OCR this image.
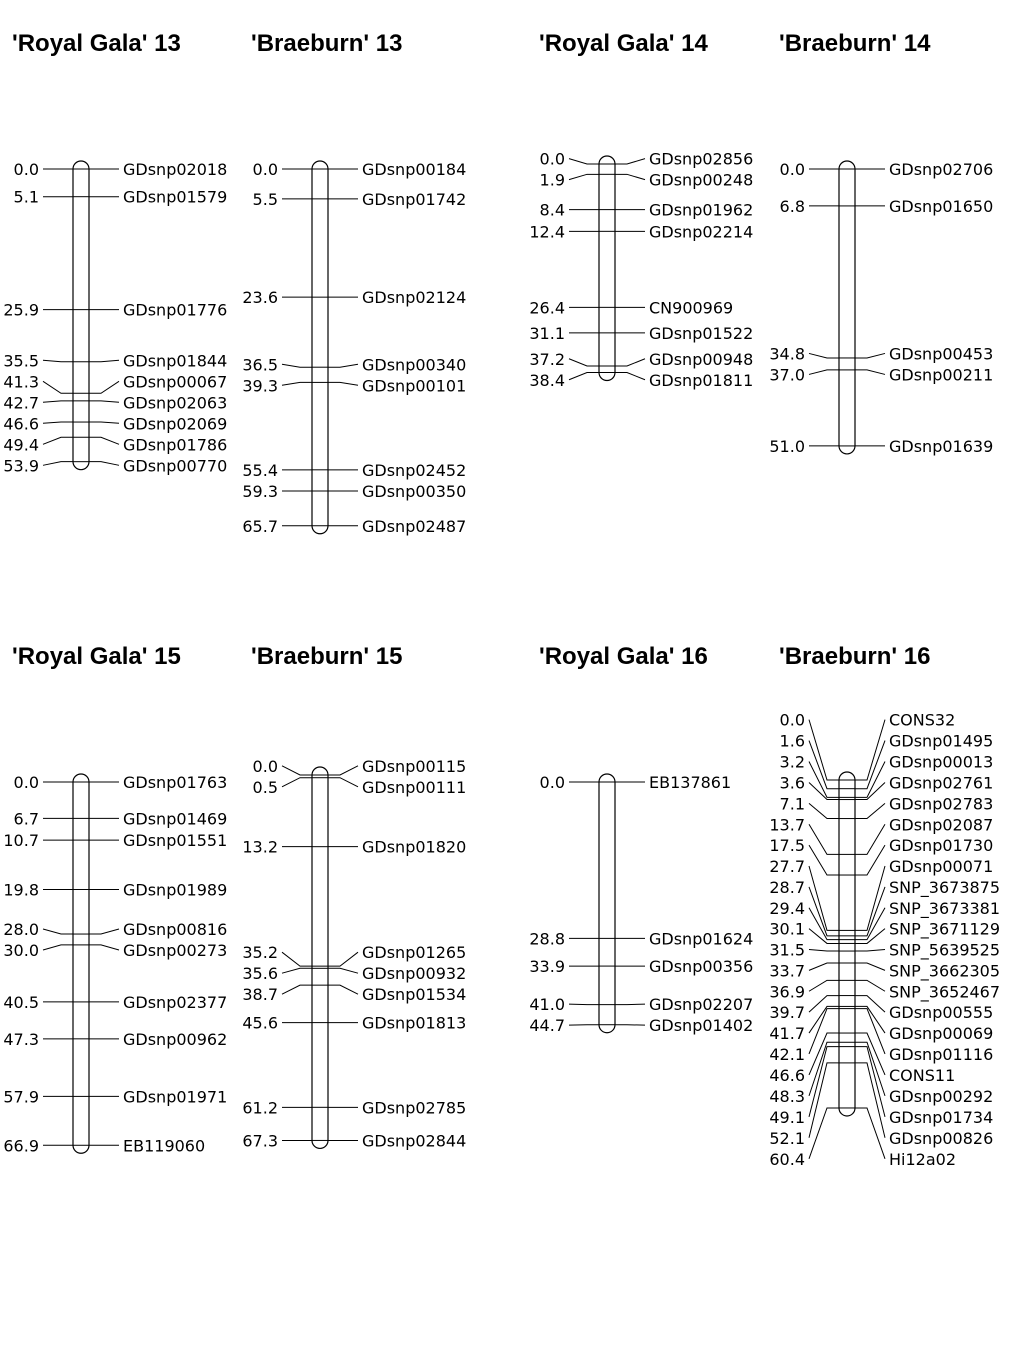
'Royal Gala' 13
0.0	GDsnp02018
5.1	GDsnp01579
25.9	GDsnp01776
35.5	GDsnp01844
41.3	GDsnp00067
42.7	GDsnp02063
46.6	GDsnp02069
49.4	GDsnp01786
53.9	GDsnp00770
'Braeburn' 13
0.0	GDsnp00184
5.5	GDsnp01742
23.6	GDsnp02124
36.5	GDsnp00340
39.3	GDsnp00101
55.4	GDsnp02452
59.3	GDsnp00350
65.7	GDsnp02487
'Royal Gala' 14
0.0	GDsnp02856
1.9	GDsnp00248
8.4	GDsnp01962
12.4	GDsnp02214
26.4	CN900969
31.1	GDsnp01522
37.2	GDsnp00948
38.4	GDsnp01811
'Braeburn' 14
0.0	GDsnp02706
6.8	GDsnp01650
34.8	GDsnp00453
37.0	GDsnp00211
51.0	GDsnp01639
'Royal Gala' 15
0.0	GDsnp01763
6.7	GDsnp01469
10.7	GDsnp01551
19.8	GDsnp01989
28.0	GDsnp00816
30.0	GDsnp00273
40.5	GDsnp02377
47.3	GDsnp00962
57.9	GDsnp01971
66.9	EB119060
'Braeburn' 15
0.0	GDsnp00115
0.5	GDsnp00111
13.2	GDsnp01820
35.2	GDsnp01265
35.6	GDsnp00932
38.7	GDsnp01534
45.6	GDsnp01813
61.2	GDsnp02785
67.3	GDsnp02844
'Royal Gala' 16
0.0	EB137861
28.8	GDsnp01624
33.9	GDsnp00356
41.0	GDsnp02207
44.7	GDsnp01402
'Braeburn' 16
0.0	CONS32
1.6	GDsnp01495
3.2	GDsnp00013
3.6	GDsnp02761
7.1	GDsnp02783
13.7	GDsnp02087
17.5	GDsnp01730
27.7	GDsnp00071
28.7	SNP_3673875
29.4	SNP_3673381
30.1	SNP_3671129
31.5	SNP_5639525
33.7	SNP_3662305
36.9	SNP_3652467
39.7	GDsnp00555
41.7	GDsnp00069
42.1	GDsnp01116
46.6	CONS11
48.3	GDsnp00292
49.1	GDsnp01734
52.1	GDsnp00826
60.4	Hi12a02
